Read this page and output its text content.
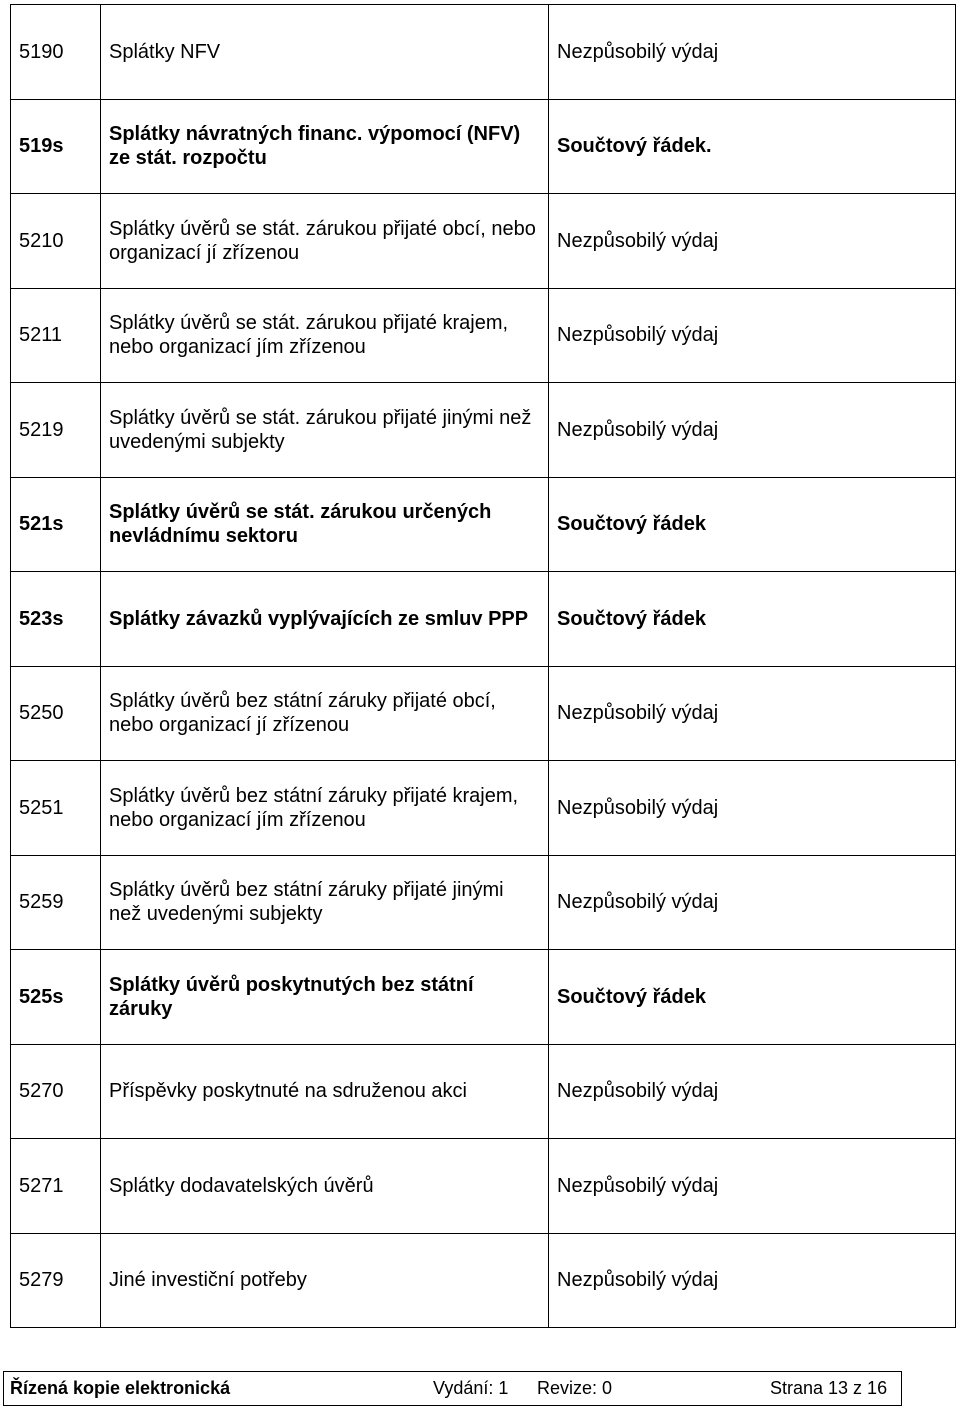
5190	Splátky NFV	Nezpůsobilý výdaj
519s	Splátky návratných financ. výpomocí (NFV) ze stát. rozpočtu	Součtový řádek.
5210	Splátky úvěrů se stát. zárukou přijaté obcí, nebo organizací jí zřízenou	Nezpůsobilý výdaj
5211	Splátky úvěrů se stát. zárukou přijaté krajem, nebo organizací jím zřízenou	Nezpůsobilý výdaj
5219	Splátky úvěrů se stát. zárukou přijaté jinými než uvedenými subjekty	Nezpůsobilý výdaj
521s	Splátky úvěrů se stát. zárukou určených nevládnímu sektoru	Součtový řádek
523s	Splátky závazků vyplývajících ze smluv PPP	Součtový řádek
5250	Splátky úvěrů bez státní záruky přijaté obcí, nebo organizací jí zřízenou	Nezpůsobilý výdaj
5251	Splátky úvěrů bez státní záruky přijaté krajem, nebo organizací jím zřízenou	Nezpůsobilý výdaj
5259	Splátky úvěrů bez státní záruky přijaté jinými než uvedenými subjekty	Nezpůsobilý výdaj
525s	Splátky úvěrů poskytnutých bez státní záruky	Součtový řádek
5270	Příspěvky poskytnuté na sdruženou akci	Nezpůsobilý výdaj
5271	Splátky dodavatelských úvěrů	Nezpůsobilý výdaj
5279	Jiné investiční potřeby	Nezpůsobilý výdaj
Řízená kopie elektronická	Vydání: 1 Revize: 0	Strana 13 z 16
